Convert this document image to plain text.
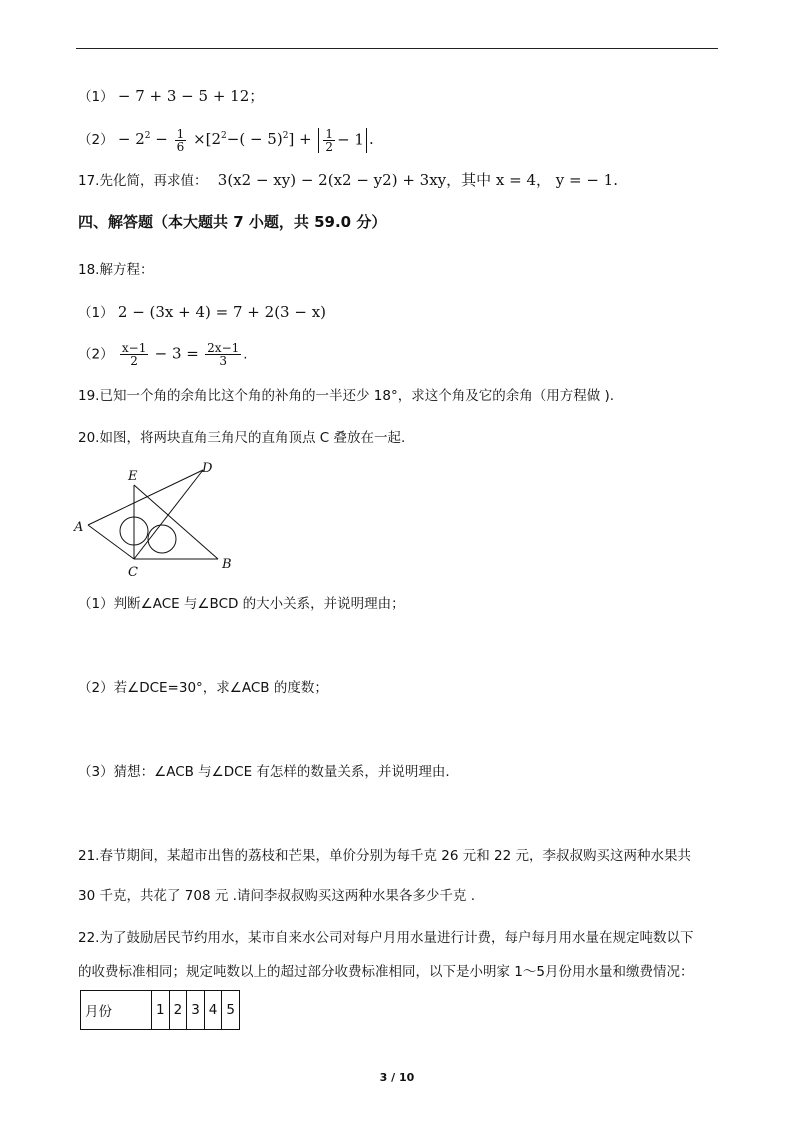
（1） − 7 + 3 − 5 + 12；
$(2) - 2^2 - \frac{1}{6} \times[2^2-( - 5)^2] + \frac{1}{2} - 1$ .
17.先化简，再求值： 3(x2 − xy) − 2(x2 − y2) + 3xy，其中 x = 4， y = − 1.
四、解答题（本大题共 7 小题，共 59.0 分）
18.解方程：
（1） 2 − (3x + 4) = 7 + 2(3 − x)
$(2) \frac{x-1}{2} - 3 = \frac{2x-1}{3}$ .
19.已知一个角的余角比这个角的补角的一半还少 18°，求这个角及它的余角（用方程做 ).
20.如图，将两块直角三角尺的直角顶点 C 叠放在一起.
A
B
C
D
E
（1）判断∠ACE 与∠BCD 的大小关系，并说明理由；
（2）若∠DCE=30°，求∠ACB 的度数；
（3）猜想：∠ACB 与∠DCE 有怎样的数量关系，并说明理由.
21.春节期间，某超市出售的荔枝和芒果，单价分别为每千克 26 元和 22 元，李叔叔购买这两种水果共
30 千克，共花了 708 元 .请问李叔叔购买这两种水果各多少千克 .
22.为了鼓励居民节约用水，某市自来水公司对每户月用水量进行计费，每户每月用水量在规定吨数以下
的收费标准相同；规定吨数以上的超过部分收费标准相同，以下是小明家 1～5月份用水量和缴费情况：
月份	1	2	3	4	5
3 / 10
